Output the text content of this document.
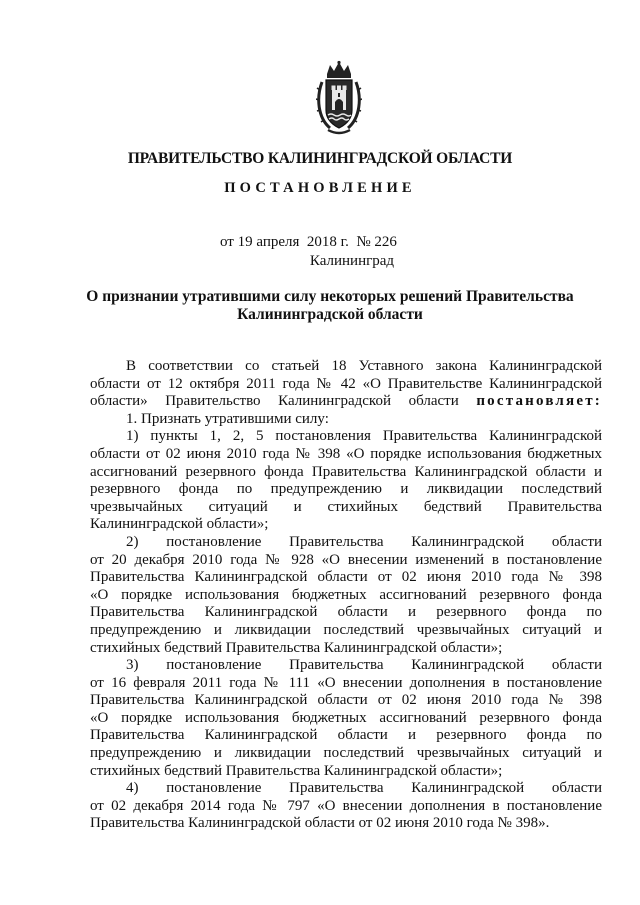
ПРАВИТЕЛЬСТВО КАЛИНИНГРАДСКОЙ ОБЛАСТИ
ПОСТАНОВЛЕНИЕ
от 19 апреля  2018 г.  № 226
Калининград
О признании утратившими силу некоторых решений Правительства
Калининградской области
В соответствии со статьей 18 Уставного закона Калининградской
области от 12 октября 2011 года № 42 «О Правительстве Калининградской
области» Правительство Калининградской области постановляет:
1. Признать утратившими силу:
1) пункты 1, 2, 5 постановления Правительства Калининградской
области от 02 июня 2010 года № 398 «О порядке использования бюджетных
ассигнований резервного фонда Правительства Калининградской области и
резервного фонда по предупреждению и ликвидации последствий
чрезвычайных ситуаций и стихийных бедствий Правительства
Калининградской области»;
2) постановление Правительства Калининградской области
от 20 декабря 2010 года № 928 «О внесении изменений в постановление
Правительства Калининградской области от 02 июня 2010 года № 398
«О порядке использования бюджетных ассигнований резервного фонда
Правительства Калининградской области и резервного фонда по
предупреждению и ликвидации последствий чрезвычайных ситуаций и
стихийных бедствий Правительства Калининградской области»;
3) постановление Правительства Калининградской области
от 16 февраля 2011 года № 111 «О внесении дополнения в постановление
Правительства Калининградской области от 02 июня 2010 года № 398
«О порядке использования бюджетных ассигнований резервного фонда
Правительства Калининградской области и резервного фонда по
предупреждению и ликвидации последствий чрезвычайных ситуаций и
стихийных бедствий Правительства Калининградской области»;
4) постановление Правительства Калининградской области
от 02 декабря 2014 года № 797 «О внесении дополнения в постановление
Правительства Калининградской области от 02 июня 2010 года № 398».
